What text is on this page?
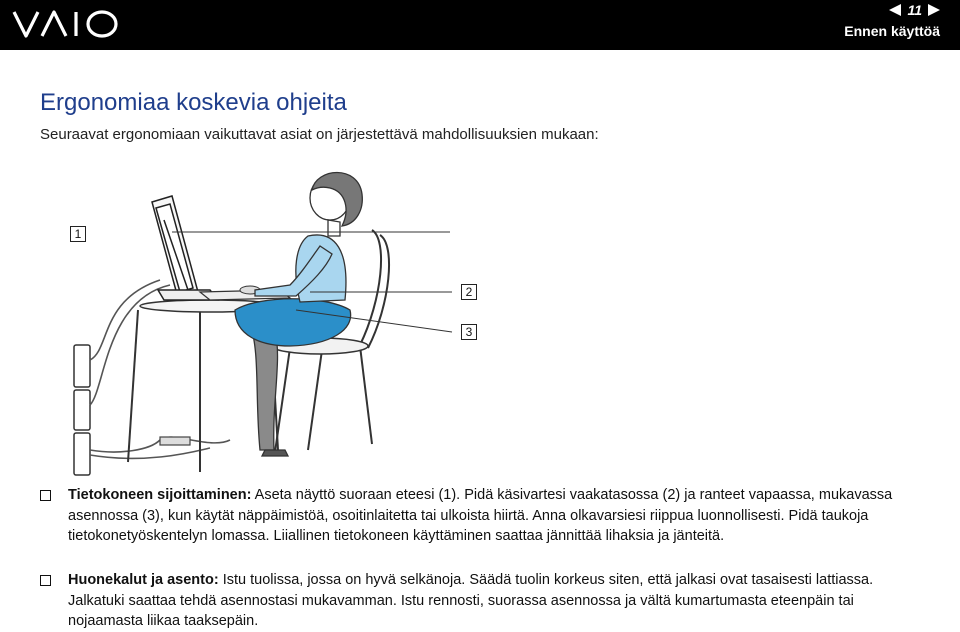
11
Ennen käyttöä
Ergonomiaa koskevia ohjeita
Seuraavat ergonomiaan vaikuttavat asiat on järjestettävä mahdollisuuksien mukaan:
1
2
3
Tietokoneen sijoittaminen: Aseta näyttö suoraan eteesi (1). Pidä käsivartesi vaakatasossa (2) ja ranteet vapaassa, mukavassa asennossa (3), kun käytät näppäimistöä, osoitinlaitetta tai ulkoista hiirtä. Anna olkavarsiesi riippua luonnollisesti. Pidä taukoja tietokonetyöskentelyn lomassa. Liiallinen tietokoneen käyttäminen saattaa jännittää lihaksia ja jänteitä.
Huonekalut ja asento: Istu tuolissa, jossa on hyvä selkänoja. Säädä tuolin korkeus siten, että jalkasi ovat tasaisesti lattiassa. Jalkatuki saattaa tehdä asennostasi mukavamman. Istu rennosti, suorassa asennossa ja vältä kumartumasta eteenpäin tai nojaamasta liikaa taaksepäin.
